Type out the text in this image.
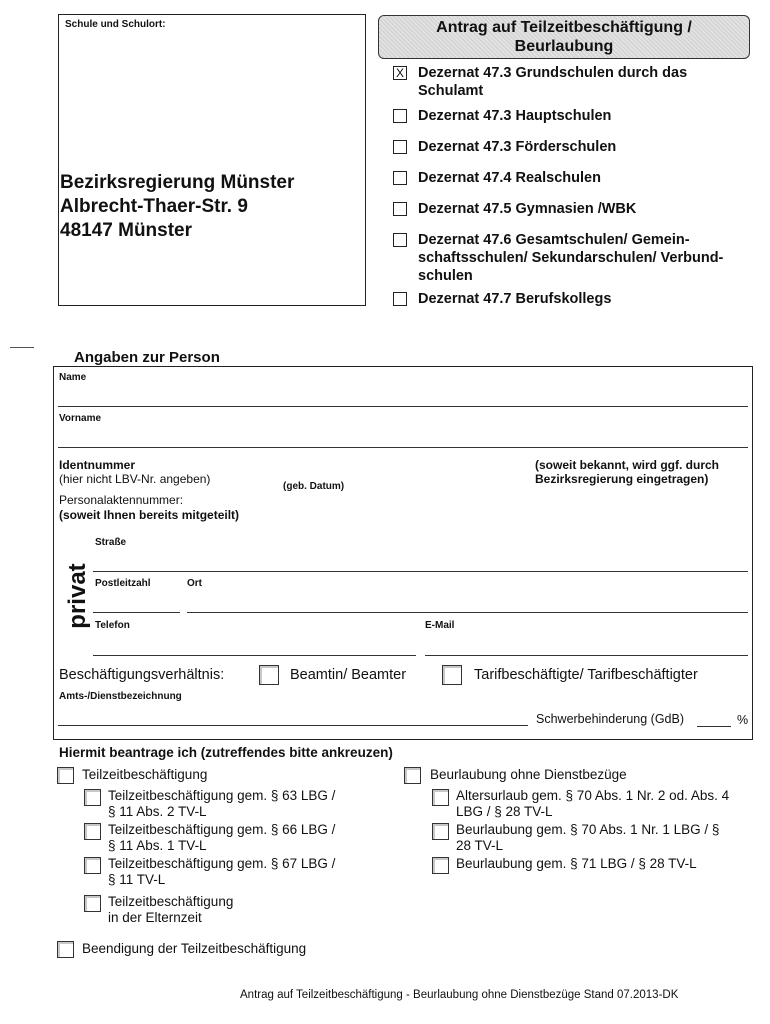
Schule und Schulort:
Bezirksregierung Münster
Albrecht-Thaer-Str. 9
48147 Münster
Antrag auf Teilzeitbeschäftigung /
Beurlaubung
X Dezernat 47.3 Grundschulen durch das
Schulamt
Dezernat 47.3 Hauptschulen
Dezernat 47.3 Förderschulen
Dezernat 47.4 Realschulen
Dezernat 47.5 Gymnasien /WBK
Dezernat 47.6 Gesamtschulen/ Gemein-
schaftsschulen/ Sekundarschulen/ Verbund-
schulen
Dezernat 47.7 Berufskollegs
Angaben zur Person
Name
Vorname
Identnummer
(hier nicht LBV-Nr. angeben)
(geb. Datum)
(soweit bekannt, wird ggf. durch
Bezirksregierung eingetragen)
Personalaktennummer:
(soweit Ihnen bereits mitgeteilt)
privat
Straße
Postleitzahl	Ort
Telefon	E-Mail
Beschäftigungsverhältnis:	Beamtin/ Beamter	Tarifbeschäftigte/ Tarifbeschäftigter
Amts-/Dienstbezeichnung
Schwerbehinderung (GdB)	%
Hiermit beantrage ich (zutreffendes bitte ankreuzen)
Teilzeitbeschäftigung
Teilzeitbeschäftigung gem. § 63 LBG /
§ 11 Abs. 2 TV-L
Teilzeitbeschäftigung gem. § 66 LBG /
§ 11 Abs. 1 TV-L
Teilzeitbeschäftigung gem. § 67 LBG /
§ 11 TV-L
Teilzeitbeschäftigung
in der Elternzeit
Beurlaubung ohne Dienstbezüge
Altersurlaub gem. § 70 Abs. 1 Nr. 2 od. Abs. 4
LBG / § 28 TV-L
Beurlaubung gem. § 70 Abs. 1 Nr. 1 LBG / §
28 TV-L
Beurlaubung gem. § 71 LBG / § 28 TV-L
Beendigung der Teilzeitbeschäftigung
Antrag auf Teilzeitbeschäftigung - Beurlaubung ohne Dienstbezüge Stand 07.2013-DK
